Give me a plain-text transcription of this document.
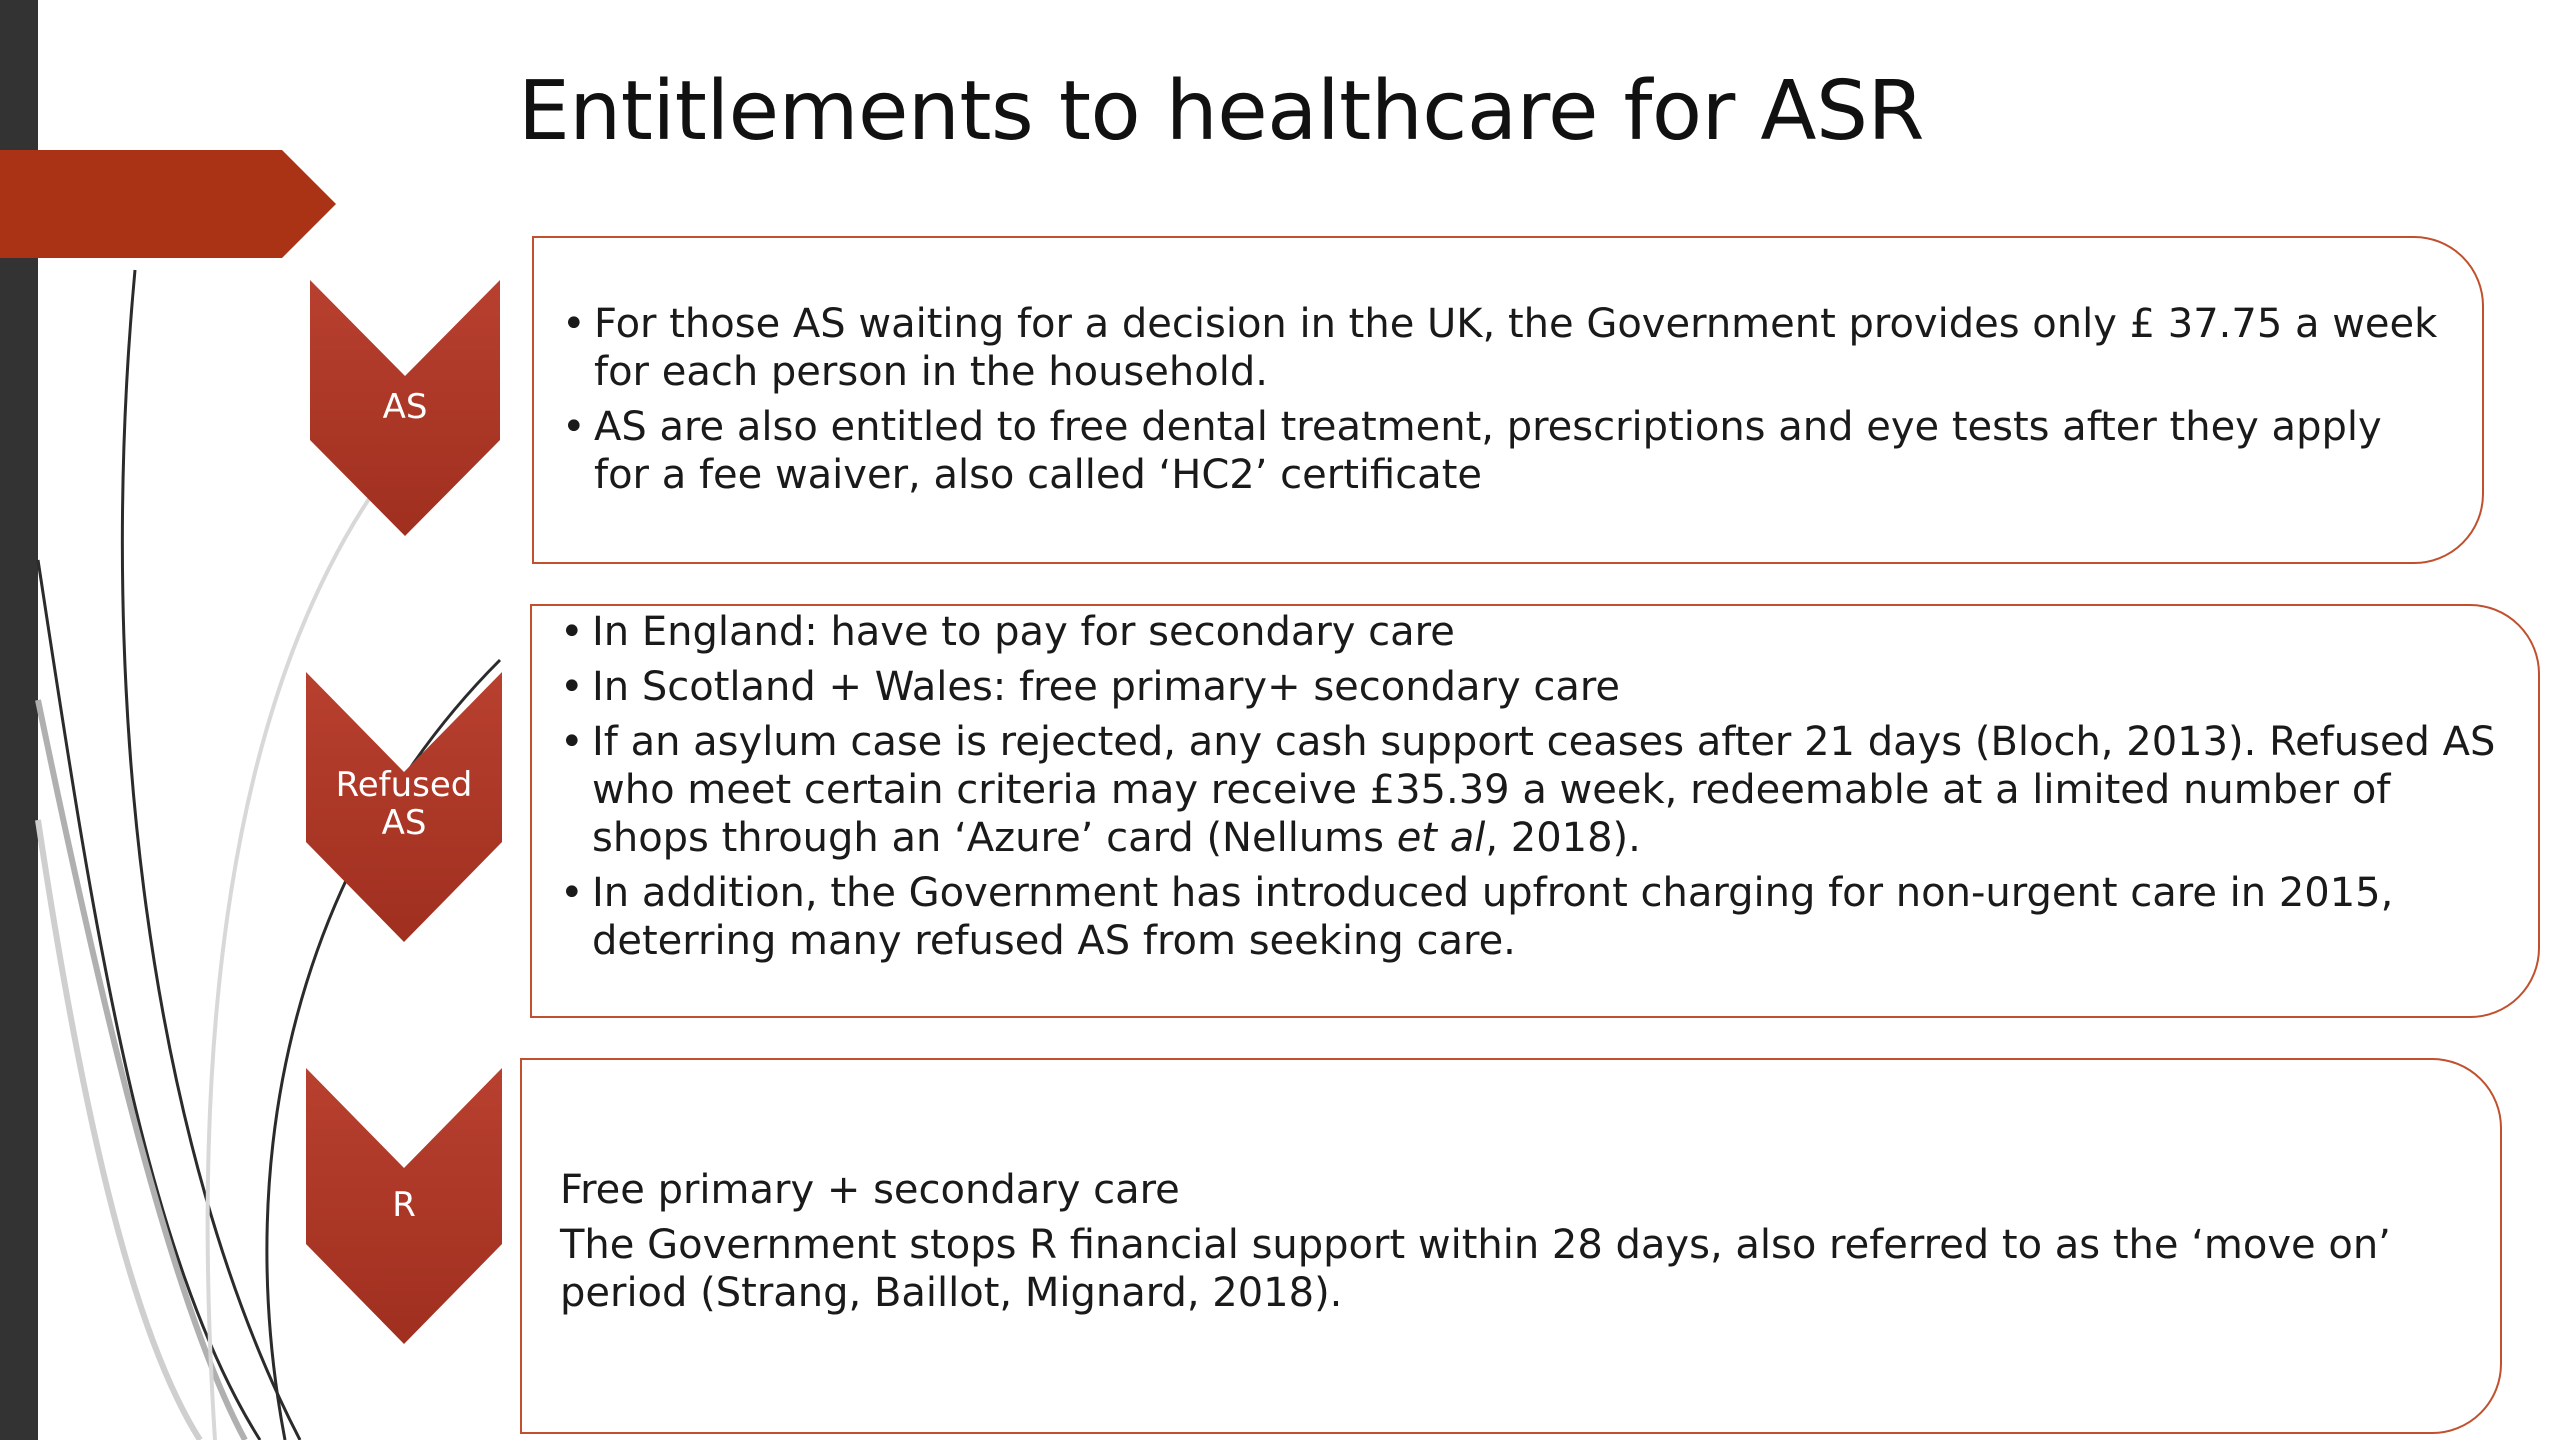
Entitlements to healthcare for ASR
AS
• For those AS waiting for a decision in the UK, the Government provides only £ 37.75 a week for each person in the household.
• AS are also entitled to free dental treatment, prescriptions and eye tests after they apply for a fee waiver, also called ‘HC2’ certificate
Refused AS
• In England: have to pay for secondary care
• In Scotland + Wales: free primary+ secondary care
• If an asylum case is rejected, any cash support ceases after 21 days (Bloch, 2013). Refused AS who meet certain criteria may receive £35.39 a week, redeemable at a limited number of shops through an ‘Azure’ card (Nellums et al, 2018).
• In addition, the Government has introduced upfront charging for non-urgent care in 2015, deterring many refused AS from seeking care.
R	Free primary + secondary care
The Government stops R financial support within 28 days, also referred to as the ‘move on’ period (Strang, Baillot, Mignard, 2018).
